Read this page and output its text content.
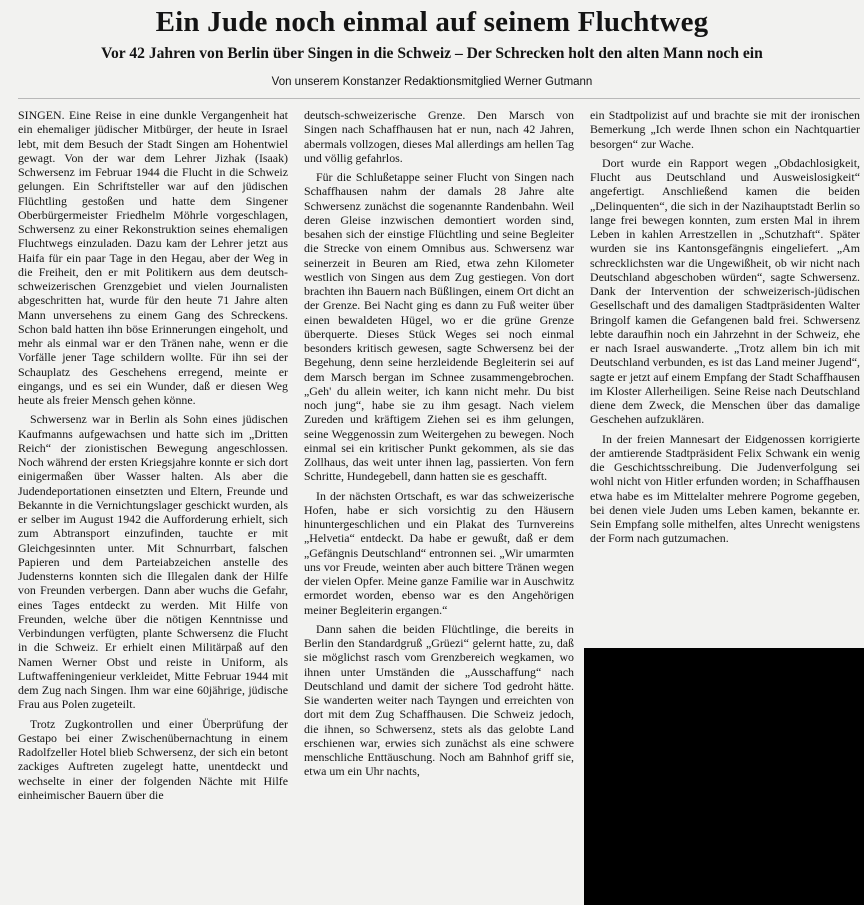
Ein Jude noch einmal auf seinem Fluchtweg
Vor 42 Jahren von Berlin über Singen in die Schweiz – Der Schrecken holt den alten Mann noch ein
Von unserem Konstanzer Redaktionsmitglied Werner Gutmann

SINGEN. Eine Reise in eine dunkle Vergangenheit hat ein ehemaliger jüdischer Mitbürger, der heute in Israel lebt, mit dem Besuch der Stadt Singen am Hohentwiel gewagt. Von der war dem Lehrer Jizhak (Isaak) Schwersenz im Februar 1944 die Flucht in die Schweiz gelungen. Ein Schriftsteller war auf den jüdischen Flüchtling gestoßen und hatte dem Singener Oberbürgermeister Friedhelm Möhrle vorgeschlagen, Schwersenz zu einer Rekonstruktion seines ehemaligen Fluchtwegs einzuladen. Dazu kam der Lehrer jetzt aus Haifa für ein paar Tage in den Hegau, aber der Weg in die Freiheit, den er mit Politikern aus dem deutsch-schweizerischen Grenzgebiet und vielen Journalisten abgeschritten hat, wurde für den heute 71 Jahre alten Mann unversehens zu einem Gang des Schreckens. Schon bald hatten ihn böse Erinnerungen eingeholt, und mehr als einmal war er den Tränen nahe, wenn er die Vorfälle jener Tage schildern wollte. Für ihn sei der Schauplatz des Geschehens erregend, meinte er eingangs, und es sei ein Wunder, daß er diesen Weg heute als freier Mensch gehen könne.

Schwersenz war in Berlin als Sohn eines jüdischen Kaufmanns aufgewachsen und hatte sich im „Dritten Reich“ der zionistischen Bewegung angeschlossen. Noch während der ersten Kriegsjahre konnte er sich dort einigermaßen über Wasser halten. Als aber die Judendeportationen einsetzten und Eltern, Freunde und Bekannte in die Vernichtungslager geschickt wurden, als er selber im August 1942 die Aufforderung erhielt, sich zum Abtransport einzufinden, tauchte er mit Gleichgesinnten unter. Mit Schnurrbart, falschen Papieren und dem Parteiabzeichen anstelle des Judensterns konnten sich die Illegalen dank der Hilfe von Freunden verbergen. Dann aber wuchs die Gefahr, eines Tages entdeckt zu werden. Mit Hilfe von Freunden, welche über die nötigen Kenntnisse und Verbindungen verfügten, plante Schwersenz die Flucht in die Schweiz. Er erhielt einen Militärpaß auf den Namen Werner Obst und reiste in Uniform, als Luftwaffeningenieur verkleidet, Mitte Februar 1944 mit dem Zug nach Singen. Ihm war eine 60jährige, jüdische Frau aus Polen zugeteilt.

Trotz Zugkontrollen und einer Überprüfung der Gestapo bei einer Zwischenübernachtung in einem Radolfzeller Hotel blieb Schwersenz, der sich ein betont zackiges Auftreten zugelegt hatte, unentdeckt und wechselte in einer der folgenden Nächte mit Hilfe einheimischer Bauern über die

deutsch-schweizerische Grenze. Den Marsch von Singen nach Schaffhausen hat er nun, nach 42 Jahren, abermals vollzogen, dieses Mal allerdings am hellen Tag und völlig gefahrlos.

Für die Schlußetappe seiner Flucht von Singen nach Schaffhausen nahm der damals 28 Jahre alte Schwersenz zunächst die sogenannte Randenbahn. Weil deren Gleise inzwischen demontiert worden sind, besahen sich der einstige Flüchtling und seine Begleiter die Strecke von einem Omnibus aus. Schwersenz war seinerzeit in Beuren am Ried, etwa zehn Kilometer westlich von Singen aus dem Zug gestiegen. Von dort brachten ihn Bauern nach Büßlingen, einem Ort dicht an der Grenze. Bei Nacht ging es dann zu Fuß weiter über einen bewaldeten Hügel, wo er die grüne Grenze überquerte. Dieses Stück Weges sei noch einmal besonders kritisch gewesen, sagte Schwersenz bei der Begehung, denn seine herzleidende Begleiterin sei auf dem Marsch bergan im Schnee zusammengebrochen. „Geh' du allein weiter, ich kann nicht mehr. Du bist noch jung“, habe sie zu ihm gesagt. Nach vielem Zureden und kräftigem Ziehen sei es ihm gelungen, seine Weggenossin zum Weitergehen zu bewegen. Noch einmal sei ein kritischer Punkt gekommen, als sie das Zollhaus, das weit unter ihnen lag, passierten. Von fern Schritte, Hundegebell, dann hatten sie es geschafft.

In der nächsten Ortschaft, es war das schweizerische Hofen, habe er sich vorsichtig zu den Häusern hinuntergeschlichen und ein Plakat des Turnvereins „Helvetia“ entdeckt. Da habe er gewußt, daß er dem „Gefängnis Deutschland“ entronnen sei. „Wir umarmten uns vor Freude, weinten aber auch bittere Tränen wegen der vielen Opfer. Meine ganze Familie war in Auschwitz ermordet worden, ebenso war es den Angehörigen meiner Begleiterin ergangen.“

Dann sahen die beiden Flüchtlinge, die bereits in Berlin den Standardgruß „Grüezi“ gelernt hatte, zu, daß sie möglichst rasch vom Grenzbereich wegkamen, wo ihnen unter Umständen die „Ausschaffung“ nach Deutschland und damit der sichere Tod gedroht hätte. Sie wanderten weiter nach Tayngen und erreichten von dort mit dem Zug Schaffhausen. Die Schweiz jedoch, die ihnen, so Schwersenz, stets als das gelobte Land erschienen war, erwies sich zunächst als eine schwere menschliche Enttäuschung. Noch am Bahnhof griff sie, etwa um ein Uhr nachts,

ein Stadtpolizist auf und brachte sie mit der ironischen Bemerkung „Ich werde Ihnen schon ein Nachtquartier besorgen“ zur Wache.

Dort wurde ein Rapport wegen „Obdachlosigkeit, Flucht aus Deutschland und Ausweislosigkeit“ angefertigt. Anschließend kamen die beiden „Delinquenten“, die sich in der Nazihauptstadt Berlin so lange frei bewegen konnten, zum ersten Mal in ihrem Leben in kahlen Arrestzellen in „Schutzhaft“. Später wurden sie ins Kantonsgefängnis eingeliefert. „Am schrecklichsten war die Ungewißheit, ob wir nicht nach Deutschland abgeschoben würden“, sagte Schwersenz. Dank der Intervention der schweizerisch-jüdischen Gesellschaft und des damaligen Stadtpräsidenten Walter Bringolf kamen die Gefangenen bald frei. Schwersenz lebte daraufhin noch ein Jahrzehnt in der Schweiz, ehe er nach Israel auswanderte. „Trotz allem bin ich mit Deutschland verbunden, es ist das Land meiner Jugend“, sagte er jetzt auf einem Empfang der Stadt Schaffhausen im Kloster Allerheiligen. Seine Reise nach Deutschland diene dem Zweck, die Menschen über das damalige Geschehen aufzuklären.

In der freien Mannesart der Eidgenossen korrigierte der amtierende Stadtpräsident Felix Schwank ein wenig die Geschichtsschreibung. Die Judenverfolgung sei wohl nicht von Hitler erfunden worden; in Schaffhausen etwa habe es im Mittelalter mehrere Pogrome gegeben, bei denen viele Juden ums Leben kamen, bekannte er. Sein Empfang solle mithelfen, altes Unrecht wenigstens der Form nach gutzumachen.
